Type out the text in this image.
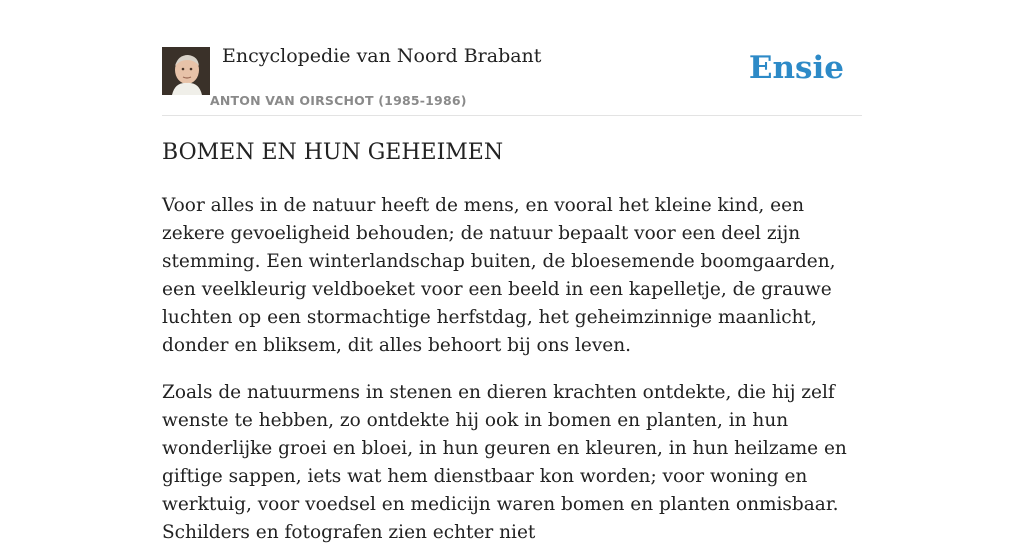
Encyclopedie van Noord Brabant
ANTON VAN OIRSCHOT (1985-1986)
Ensie
BOMEN EN HUN GEHEIMEN

Voor alles in de natuur heeft de mens, en vooral het kleine kind, een zekere gevoeligheid behouden; de natuur bepaalt voor een deel zijn stemming. Een winterlandschap buiten, de bloesemende boomgaarden, een veelkleurig veldboeket voor een beeld in een kapelletje, de grauwe luchten op een stormachtige herfstdag, het geheimzinnige maanlicht, donder en bliksem, dit alles behoort bij ons leven.

Zoals de natuurmens in stenen en dieren krachten ontdekte, die hij zelf wenste te hebben, zo ontdekte hij ook in bomen en planten, in hun wonderlijke groei en bloei, in hun geuren en kleuren, in hun heilzame en giftige sappen, iets wat hem dienstbaar kon worden; voor woning en werktuig, voor voedsel en medicijn waren bomen en planten onmisbaar. Schilders en fotografen zien echter niet
